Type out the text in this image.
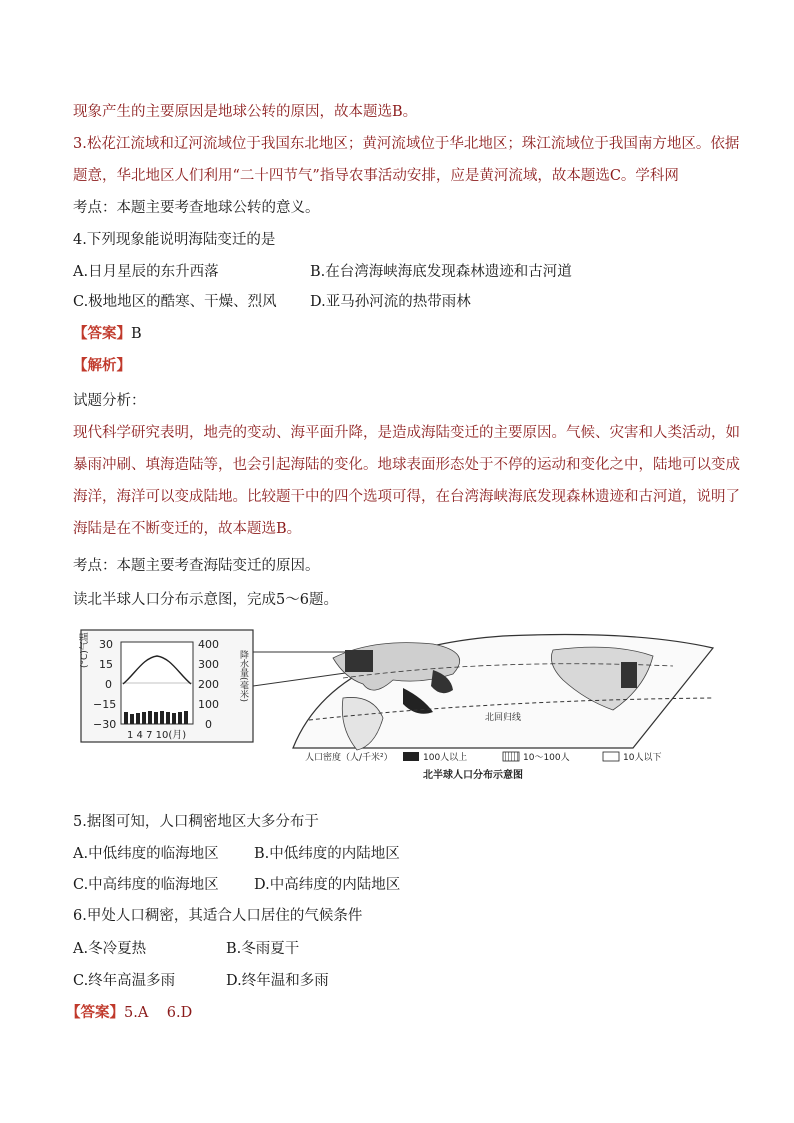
现象产生的主要原因是地球公转的原因，故本题选B。
3.松花江流域和辽河流域位于我国东北地区；黄河流域位于华北地区；珠江流域位于我国南方地区。依据
题意，华北地区人们利用“二十四节气”指导农事活动安排，应是黄河流域，故本题选C。学科网
考点：本题主要考查地球公转的意义。
4.下列现象能说明海陆变迁的是
A.日月星辰的东升西落	B.在台湾海峡海底发现森林遗迹和古河道
C.极地地区的酷寒、干燥、烈风 D.亚马孙河流的热带雨林
【答案】B
【解析】
试题分析：
现代科学研究表明，地壳的变动、海平面升降，是造成海陆变迁的主要原因。气候、灾害和人类活动，如
暴雨冲刷、填海造陆等，也会引起海陆的变化。地球表面形态处于不停的运动和变化之中，陆地可以变成
海洋，海洋可以变成陆地。比较题干中的四个选项可得，在台湾海峡海底发现森林遗迹和古河道，说明了
海陆是在不断变迁的，故本题选B。
考点：本题主要考查海陆变迁的原因。
读北半球人口分布示意图，完成5～6题。
(°C)气温	降水量(毫米)
30
15
0
−15
−30
400
300
200
100
0
1 4 7 10(月)
北回归线
人口密度（人/千米²）	100人以上	10～100人	10人以下
北半球人口分布示意图
5.据图可知，人口稠密地区大多分布于
A.中低纬度的临海地区 B.中低纬度的内陆地区
C.中高纬度的临海地区 D.中高纬度的内陆地区
6.甲处人口稠密，其适合人口居住的气候条件
A.冬冷夏热	B.冬雨夏干
C.终年高温多雨	D.终年温和多雨
【答案】5.A    6.D
